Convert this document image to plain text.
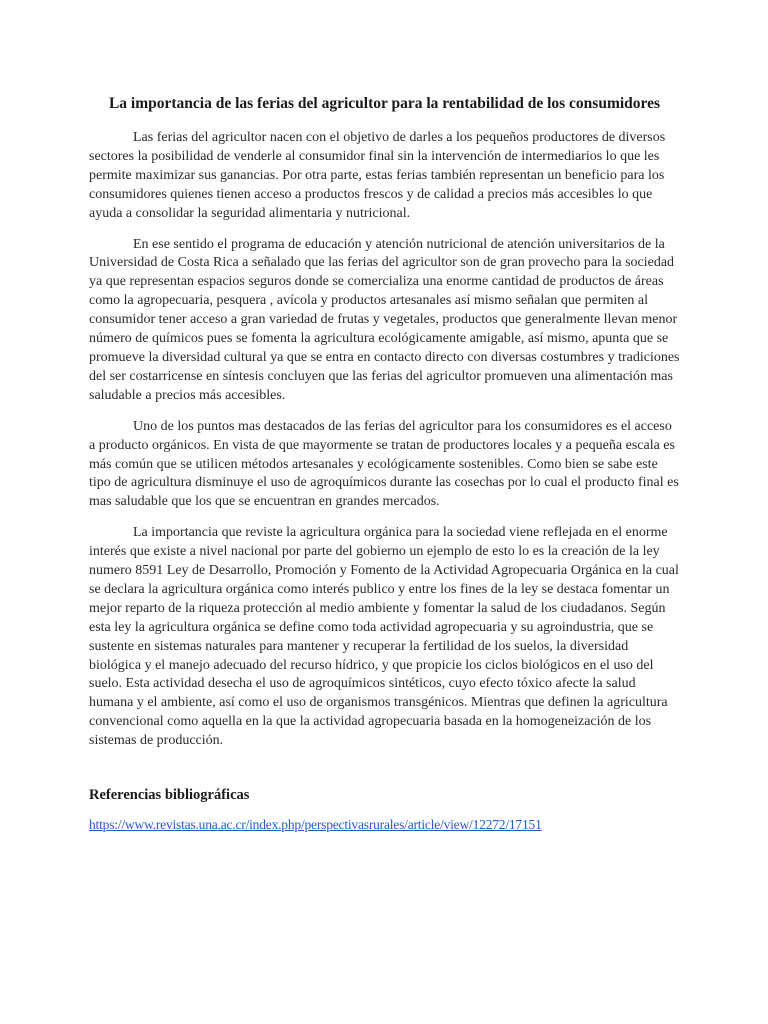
La importancia de las ferias del agricultor para la rentabilidad de los consumidores

Las ferias del agricultor nacen con el objetivo de darles a los pequeños productores de diversos sectores la posibilidad de venderle al consumidor final sin la intervención de intermediarios lo que les permite maximizar sus ganancias. Por otra parte, estas ferias también representan un beneficio para los consumidores quienes tienen acceso a productos frescos y de calidad a precios más accesibles lo que ayuda a consolidar la seguridad alimentaria y nutricional.

En ese sentido el programa de educación y atención nutricional de atención universitarios de la Universidad de Costa Rica a señalado que las ferias del agricultor son de gran provecho para la sociedad ya que representan espacios seguros donde se comercializa una enorme cantidad de productos de áreas como la agropecuaria, pesquera , avícola y productos artesanales así mismo señalan que permiten al consumidor tener acceso a gran variedad de frutas y vegetales, productos que generalmente llevan menor número de químicos pues se fomenta la agricultura ecológicamente amigable, así mismo, apunta que se promueve la diversidad cultural ya que se entra en contacto directo con diversas costumbres y tradiciones del ser costarricense en síntesis concluyen que las ferias del agricultor promueven una alimentación mas saludable a precios más accesibles.

Uno de los puntos mas destacados de las ferias del agricultor para los consumidores es el acceso a producto orgánicos. En vista de que mayormente se tratan de productores locales y a pequeña escala es más común que se utilicen métodos artesanales y ecológicamente sostenibles. Como bien se sabe este tipo de agricultura disminuye el uso de agroquímicos durante las cosechas por lo cual el producto final es mas saludable que los que se encuentran en grandes mercados.

La importancia que reviste la agricultura orgánica para la sociedad viene reflejada en el enorme interés que existe a nivel nacional por parte del gobierno un ejemplo de esto lo es la creación de la ley numero 8591 Ley de Desarrollo, Promoción y Fomento de la Actividad Agropecuaria Orgánica en la cual se declara la agricultura orgánica como interés publico y entre los fines de la ley se destaca fomentar un mejor reparto de la riqueza protección al medio ambiente y fomentar la salud de los ciudadanos. Según esta ley la agricultura orgánica se define como toda actividad agropecuaria y su agroindustria, que se sustente en sistemas naturales para mantener y recuperar la fertilidad de los suelos, la diversidad biológica y el manejo adecuado del recurso hídrico, y que propicie los ciclos biológicos en el uso del suelo. Esta actividad desecha el uso de agroquímicos sintéticos, cuyo efecto tóxico afecte la salud humana y el ambiente, así como el uso de organismos transgénicos. Mientras que definen la agricultura convencional como aquella en la que la actividad agropecuaria basada en la homogeneización de los sistemas de producción.

Referencias bibliográficas
https://www.revistas.una.ac.cr/index.php/perspectivasrurales/article/view/12272/17151
